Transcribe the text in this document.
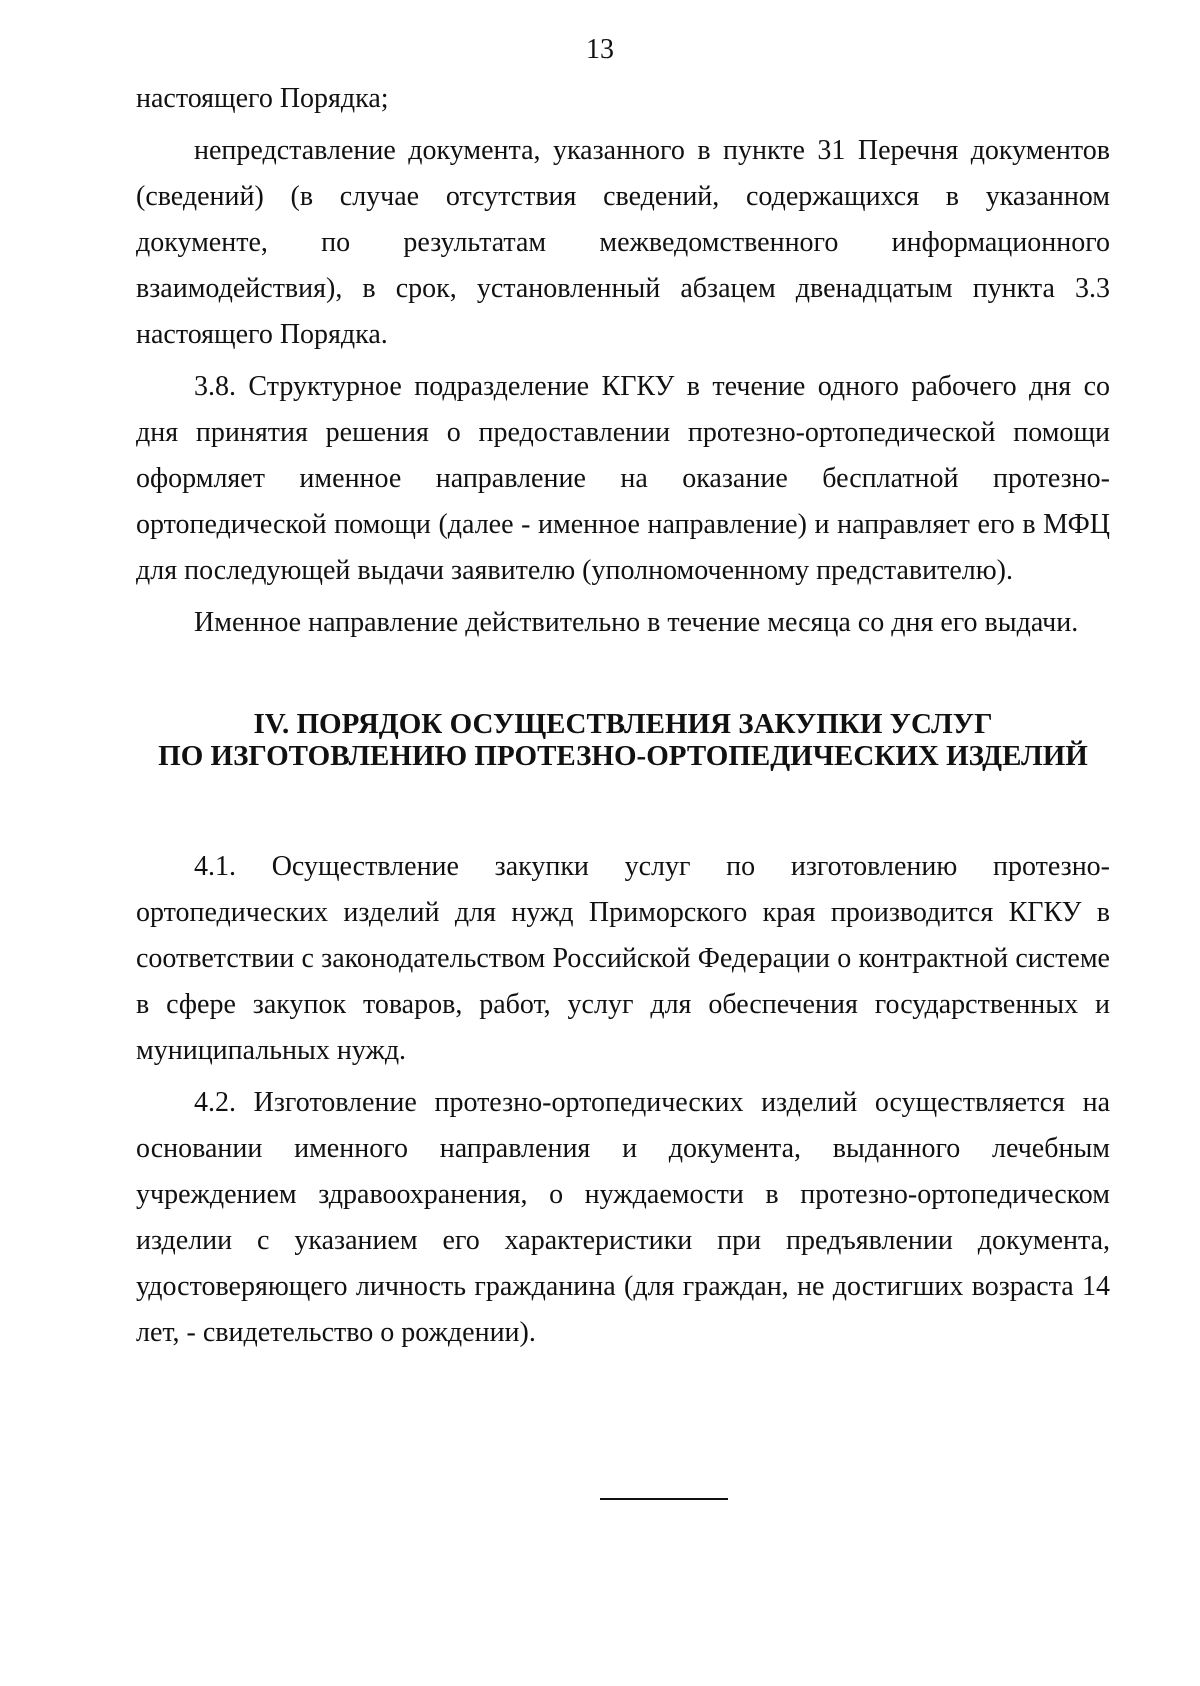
13

настоящего Порядка;

непредставление документа, указанного в пункте 31 Перечня документов (сведений) (в случае отсутствия сведений, содержащихся в указанном документе, по результатам межведомственного информационного взаимодействия), в срок, установленный абзацем двенадцатым пункта 3.3 настоящего Порядка.

3.8. Структурное подразделение КГКУ в течение одного рабочего дня со дня принятия решения о предоставлении протезно-ортопедической помощи оформляет именное направление на оказание бесплатной протезно-ортопедической помощи (далее - именное направление) и направляет его в МФЦ для последующей выдачи заявителю (уполномоченному представителю).

Именное направление действительно в течение месяца со дня его выдачи.

IV. ПОРЯДОК ОСУЩЕСТВЛЕНИЯ ЗАКУПКИ УСЛУГ
ПО ИЗГОТОВЛЕНИЮ ПРОТЕЗНО-ОРТОПЕДИЧЕСКИХ ИЗДЕЛИЙ

4.1. Осуществление закупки услуг по изготовлению протезно-ортопедических изделий для нужд Приморского края производится КГКУ в соответствии с законодательством Российской Федерации о контрактной системе в сфере закупок товаров, работ, услуг для обеспечения государственных и муниципальных нужд.

4.2. Изготовление протезно-ортопедических изделий осуществляется на основании именного направления и документа, выданного лечебным учреждением здравоохранения, о нуждаемости в протезно-ортопедическом изделии с указанием его характеристики при предъявлении документа, удостоверяющего личность гражданина (для граждан, не достигших возраста 14 лет, - свидетельство о рождении).
